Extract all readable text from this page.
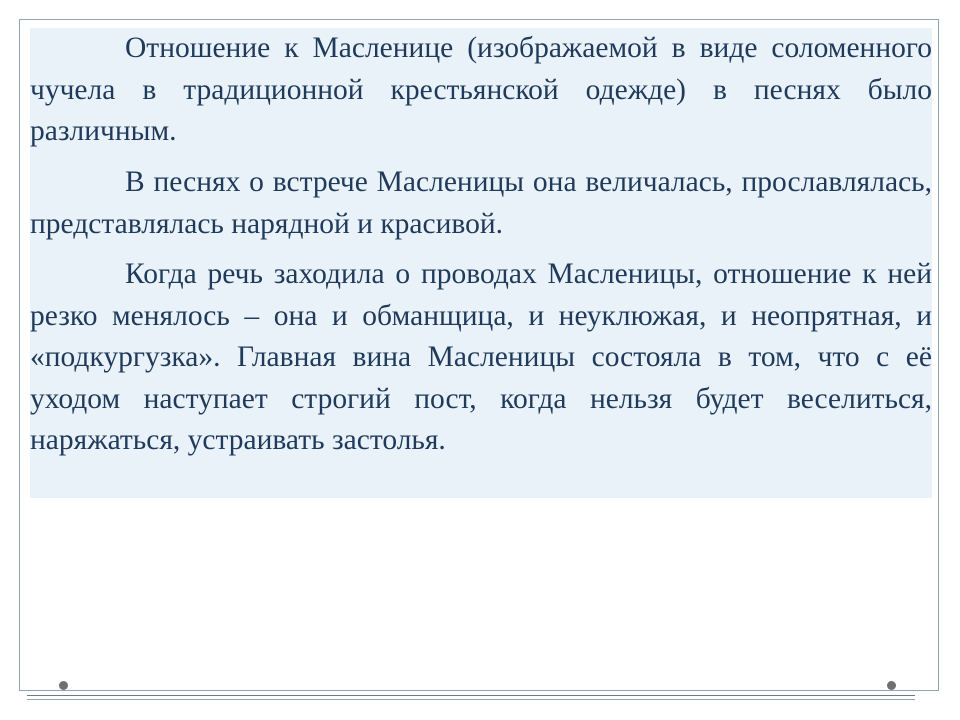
Отношение к Масленице (изображаемой в виде соломенного чучела в традиционной крестьянской одежде) в песнях было различным.

В песнях о встрече Масленицы она величалась, прославлялась, представлялась нарядной и красивой.

Когда речь заходила о проводах Масленицы, отношение к ней резко менялось – она и обманщица, и неуклюжая, и неопрятная, и «подкургузка». Главная вина Масленицы состояла в том, что с её уходом наступает строгий пост, когда нельзя будет веселиться, наряжаться, устраивать застолья.
